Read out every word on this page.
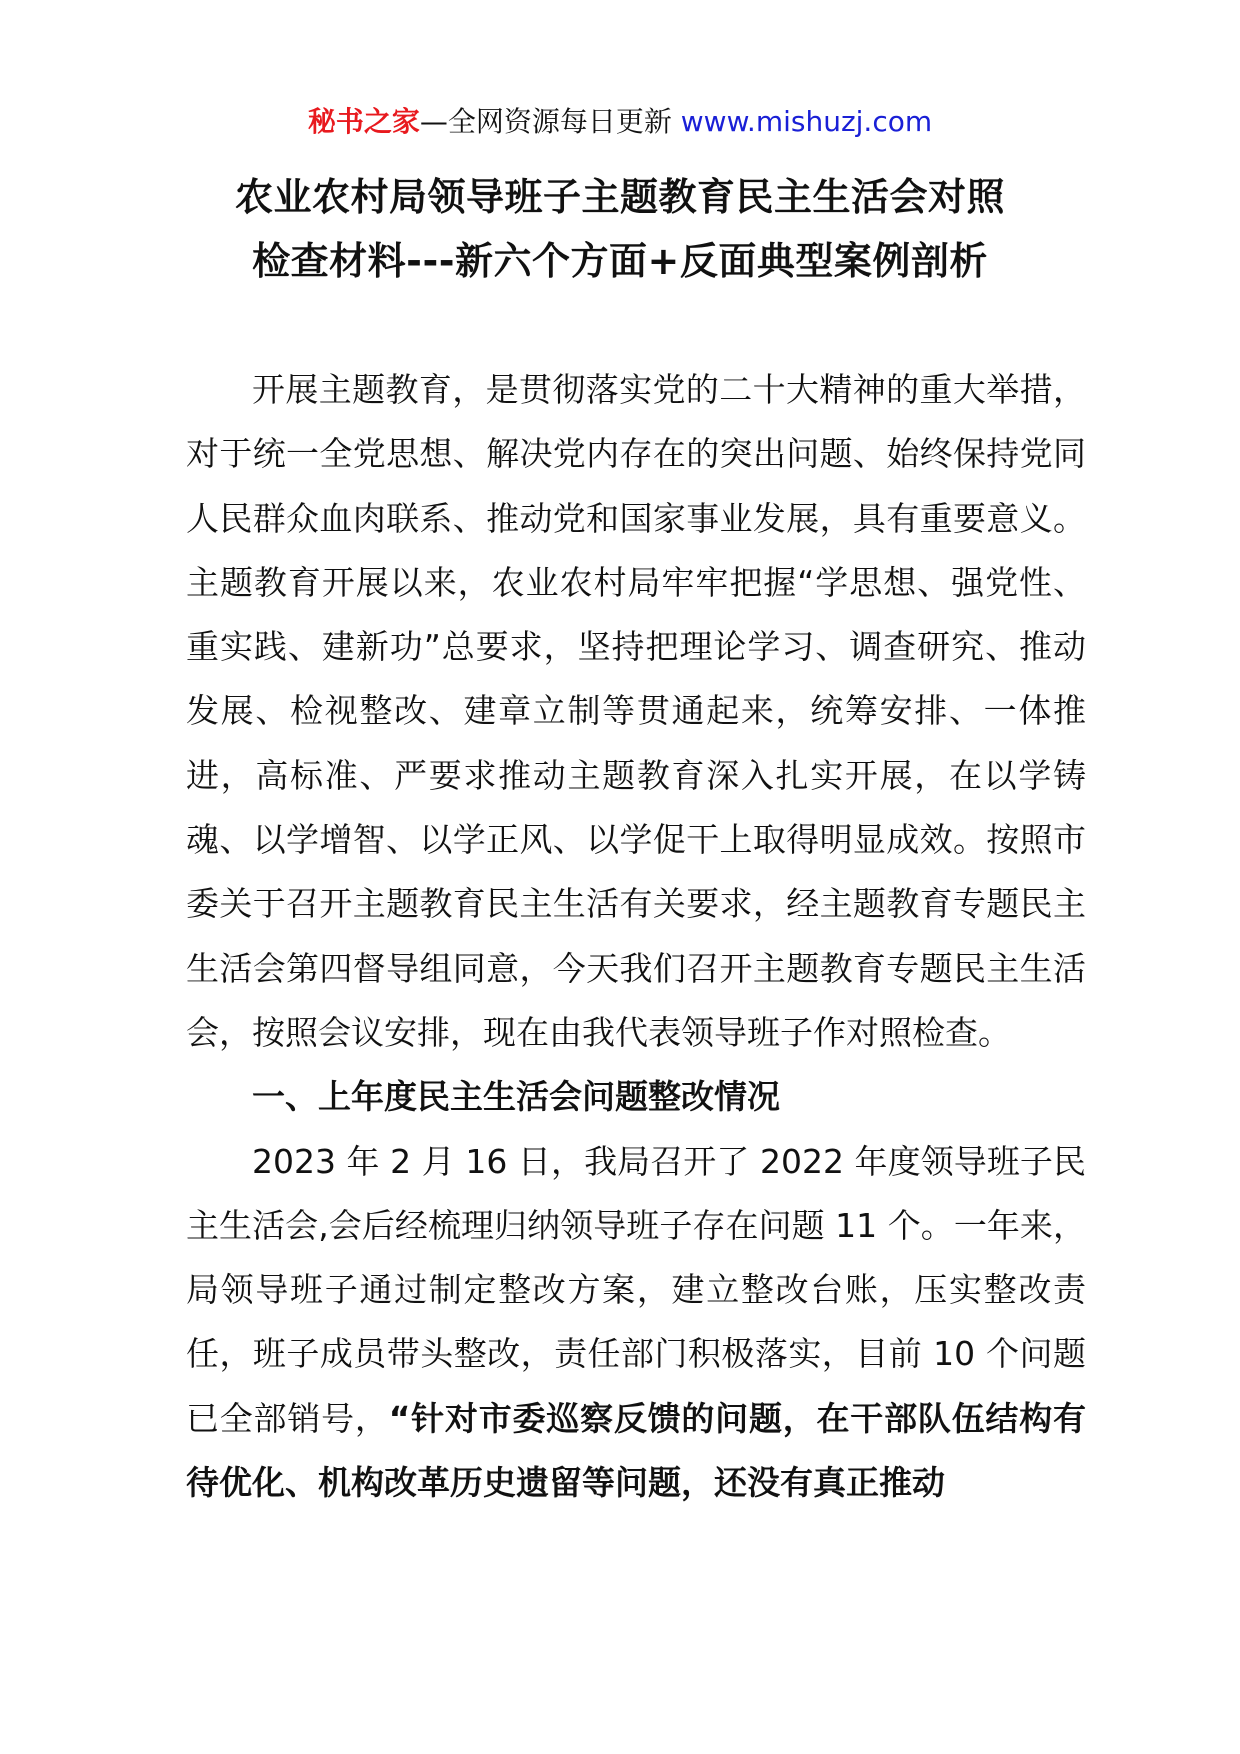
秘书之家—全网资源每日更新 www.mishuzj.com
农业农村局领导班子主题教育民主生活会对照
检查材料---新六个方面+反面典型案例剖析

开展主题教育，是贯彻落实党的二十大精神的重大举措，对于统一全党思想、解决党内存在的突出问题、始终保持党同人民群众血肉联系、推动党和国家事业发展，具有重要意义。主题教育开展以来，农业农村局牢牢把握“学思想、强党性、重实践、建新功”总要求，坚持把理论学习、调查研究、推动发展、检视整改、建章立制等贯通起来，统筹安排、一体推进，高标准、严要求推动主题教育深入扎实开展，在以学铸魂、以学增智、以学正风、以学促干上取得明显成效。按照市委关于召开主题教育民主生活有关要求，经主题教育专题民主生活会第四督导组同意，今天我们召开主题教育专题民主生活会，按照会议安排，现在由我代表领导班子作对照检查。

一、上年度民主生活会问题整改情况

2023 年 2 月 16 日，我局召开了 2022 年度领导班子民主生活会,会后经梳理归纳领导班子存在问题 11 个。一年来，局领导班子通过制定整改方案，建立整改台账，压实整改责任，班子成员带头整改，责任部门积极落实，目前 10 个问题已全部销号，“针对市委巡察反馈的问题，在干部队伍结构有待优化、机构改革历史遗留等问题，还没有真正推动
